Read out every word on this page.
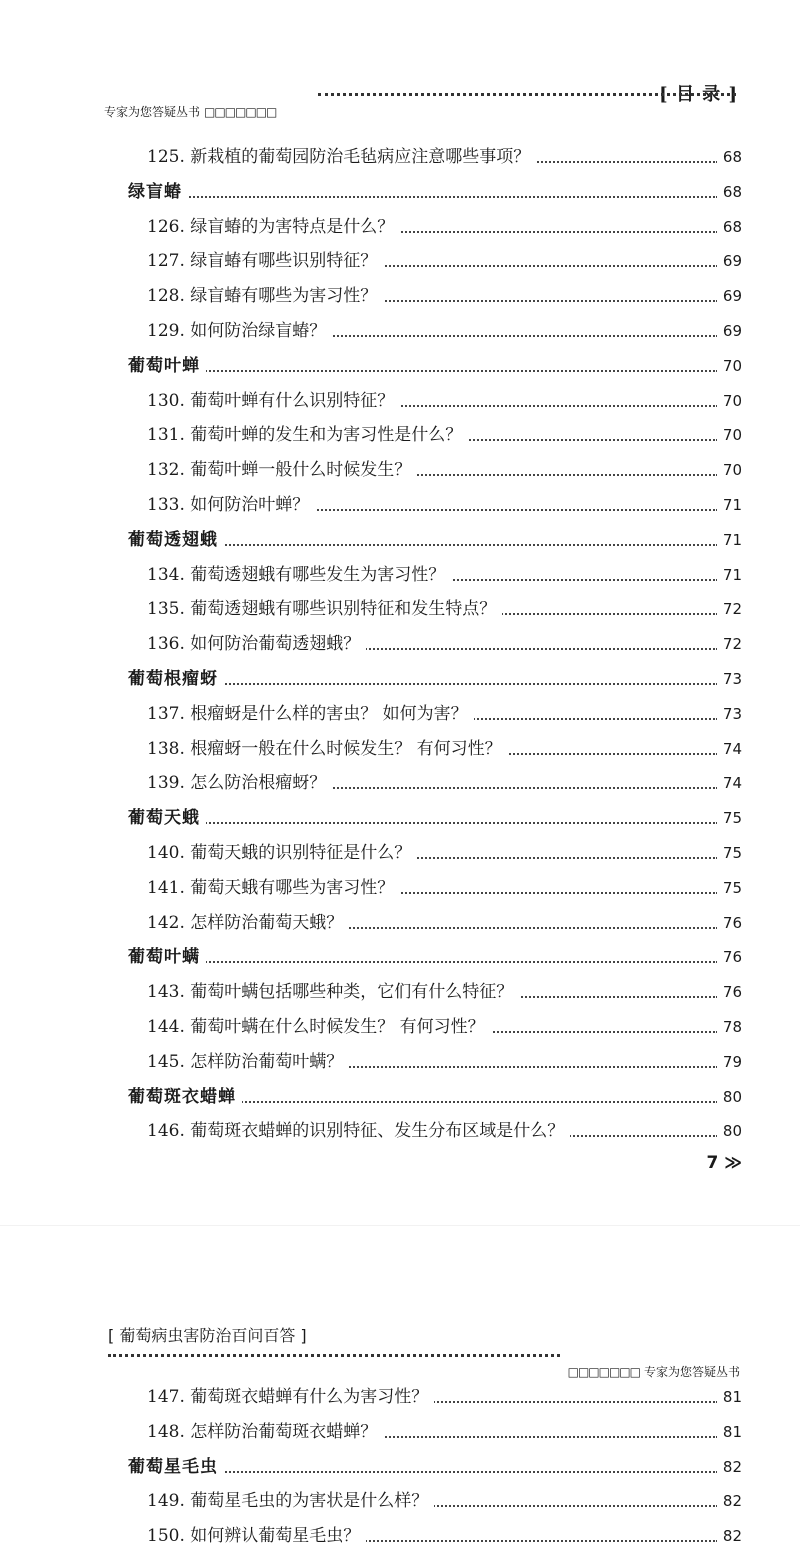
[ 目 录 ]
专家为您答疑丛书 □□□□□□□
125. 新栽植的葡萄园防治毛毡病应注意哪些事项？	68
绿盲蝽	68
126. 绿盲蝽的为害特点是什么？	68
127. 绿盲蝽有哪些识别特征？	69
128. 绿盲蝽有哪些为害习性？	69
129. 如何防治绿盲蝽？	69
葡萄叶蝉	70
130. 葡萄叶蝉有什么识别特征？	70
131. 葡萄叶蝉的发生和为害习性是什么？	70
132. 葡萄叶蝉一般什么时候发生？	70
133. 如何防治叶蝉？	71
葡萄透翅蛾	71
134. 葡萄透翅蛾有哪些发生为害习性？	71
135. 葡萄透翅蛾有哪些识别特征和发生特点？	72
136. 如何防治葡萄透翅蛾？	72
葡萄根瘤蚜	73
137. 根瘤蚜是什么样的害虫？ 如何为害？	73
138. 根瘤蚜一般在什么时候发生？ 有何习性？	74
139. 怎么防治根瘤蚜？	74
葡萄天蛾	75
140. 葡萄天蛾的识别特征是什么？	75
141. 葡萄天蛾有哪些为害习性？	75
142. 怎样防治葡萄天蛾？	76
葡萄叶螨	76
143. 葡萄叶螨包括哪些种类，它们有什么特征？	76
144. 葡萄叶螨在什么时候发生？ 有何习性？	78
145. 怎样防治葡萄叶螨？	79
葡萄斑衣蜡蝉	80
146. 葡萄斑衣蜡蝉的识别特征、发生分布区域是什么？	80
7 ≫
[ 葡萄病虫害防治百问百答 ]
□□□□□□□ 专家为您答疑丛书
147. 葡萄斑衣蜡蝉有什么为害习性？	81
148. 怎样防治葡萄斑衣蜡蝉？	81
葡萄星毛虫	82
149. 葡萄星毛虫的为害状是什么样？	82
150. 如何辨认葡萄星毛虫？	82
